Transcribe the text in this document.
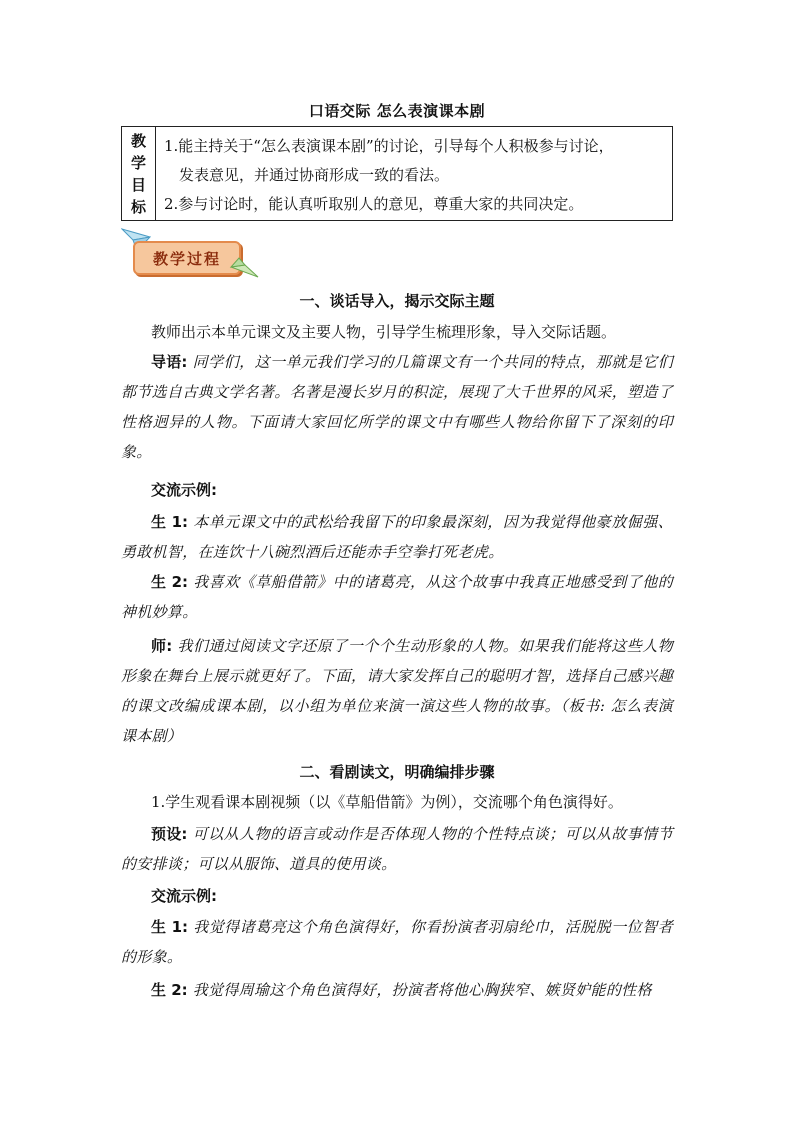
口语交际 怎么表演课本剧
教
学
目
标
1.能主持关于“怎么表演课本剧”的讨论，引导每个人积极参与讨论，
发表意见，并通过协商形成一致的看法。
2.参与讨论时，能认真听取别人的意见，尊重大家的共同决定。
教学过程
一、谈话导入，揭示交际主题
教师出示本单元课文及主要人物，引导学生梳理形象，导入交际话题。
导语: 同学们，这一单元我们学习的几篇课文有一个共同的特点，那就是它们都节选自古典文学名著。名著是漫长岁月的积淀，展现了大千世界的风采，塑造了性格迥异的人物。下面请大家回忆所学的课文中有哪些人物给你留下了深刻的印象。
交流示例:
生 1: 本单元课文中的武松给我留下的印象最深刻，因为我觉得他豪放倔强、勇敢机智，在连饮十八碗烈酒后还能赤手空拳打死老虎。
生 2: 我喜欢《草船借箭》中的诸葛亮，从这个故事中我真正地感受到了他的神机妙算。
师: 我们通过阅读文字还原了一个个生动形象的人物。如果我们能将这些人物形象在舞台上展示就更好了。下面，请大家发挥自己的聪明才智，选择自己感兴趣的课文改编成课本剧，以小组为单位来演一演这些人物的故事。（板书: 怎么表演课本剧）
二、看剧读文，明确编排步骤
1.学生观看课本剧视频（以《草船借箭》为例），交流哪个角色演得好。
预设: 可以从人物的语言或动作是否体现人物的个性特点谈；可以从故事情节的安排谈；可以从服饰、道具的使用谈。
交流示例:
生 1: 我觉得诸葛亮这个角色演得好，你看扮演者羽扇纶巾，活脱脱一位智者的形象。
生 2: 我觉得周瑜这个角色演得好，扮演者将他心胸狭窄、嫉贤妒能的性格
